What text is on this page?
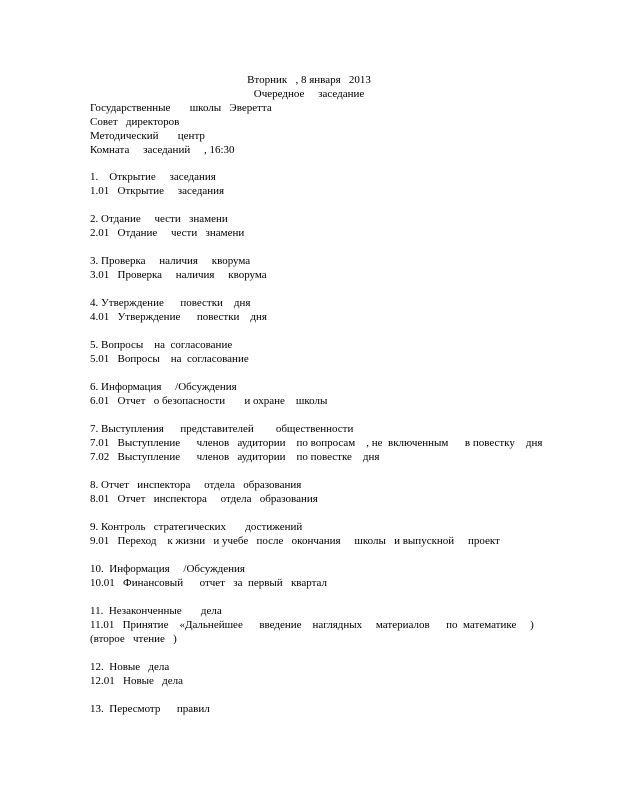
Вторник   , 8 января   2013
Очередное     заседание
Государственные       школы   Эверетта
Совет   директоров
Методический       центр
Комната     заседаний     , 16:30
1.    Открытие     заседания
1.01   Открытие     заседания
2. Отдание     чести   знамени
2.01   Отдание     чести   знамени
3. Проверка     наличия     кворума
3.01   Проверка     наличия     кворума
4. Утверждение      повестки    дня
4.01   Утверждение      повестки    дня
5. Вопросы    на  согласование
5.01   Вопросы    на  согласование
6. Информация     /Обсуждения
6.01   Отчет   о безопасности       и охране    школы
7. Выступления      представителей        общественности
7.01   Выступление      членов   аудитории    по вопросам    , не  включенным      в повестку    дня
7.02   Выступление      членов   аудитории    по повестке    дня
8. Отчет   инспектора     отдела   образования
8.01   Отчет   инспектора     отдела   образования
9. Контроль   стратегических       достижений
9.01   Переход    к жизни   и учебе   после   окончания     школы   и выпускной     проект
10.  Информация     /Обсуждения
10.01   Финансовый      отчет   за  первый   квартал
11.  Незаконченные       дела
11.01   Принятие    «Дальнейшее      введение    наглядных     материалов      по  математике     )
(второе   чтение   )
12.  Новые   дела
12.01   Новые   дела
13.  Пересмотр      правил
